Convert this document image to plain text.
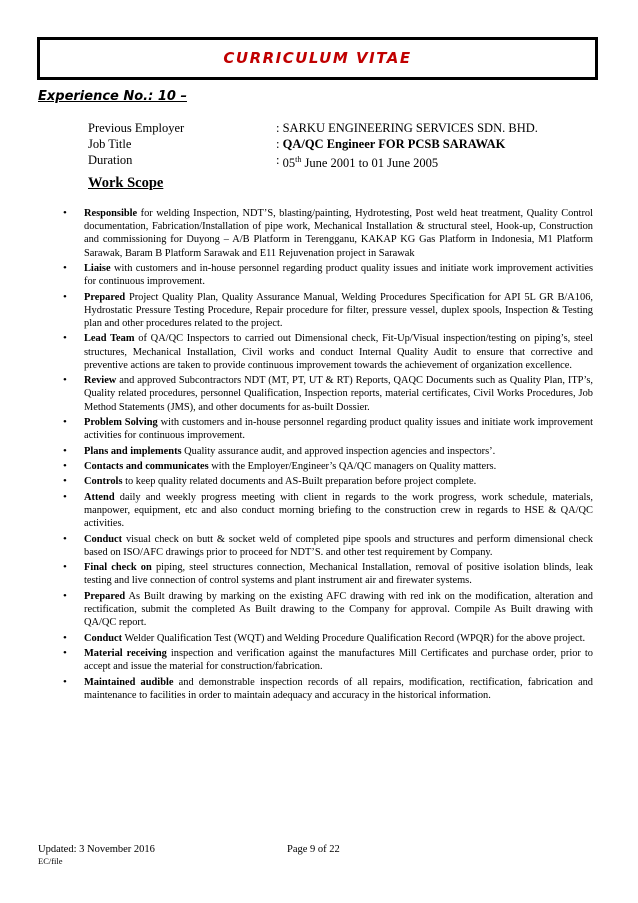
CURRICULUM VITAE
Experience No.: 10 –
Previous Employer	: SARKU ENGINEERING SERVICES SDN. BHD.
Job Title	: QA/QC Engineer FOR PCSB SARAWAK
Duration	: 05th June 2001 to 01 June 2005
Work Scope
• Responsible for welding Inspection, NDT’S, blasting/painting, Hydrotesting, Post weld heat treatment, Quality Control documentation, Fabrication/Installation of pipe work, Mechanical Installation & structural steel, Hook-up, Construction and commissioning for Duyong – A/B Platform in Terengganu, KAKAP KG Gas Platform in Indonesia, M1 Platform Sarawak, Baram B Platform Sarawak and E11 Rejuvenation project in Sarawak
• Liaise with customers and in-house personnel regarding product quality issues and initiate work improvement activities for continuous improvement.
• Prepared Project Quality Plan, Quality Assurance Manual, Welding Procedures Specification for API 5L GR B/A106, Hydrostatic Pressure Testing Procedure, Repair procedure for filter, pressure vessel, duplex spools, Inspection & Testing plan and other procedures related to the project.
• Lead Team of QA/QC Inspectors to carried out Dimensional check, Fit-Up/Visual inspection/testing on piping’s, steel structures, Mechanical Installation, Civil works and conduct Internal Quality Audit to ensure that corrective and preventive actions are taken to provide continuous improvement towards the achievement of organization excellence.
• Review and approved Subcontractors NDT (MT, PT, UT & RT) Reports, QAQC Documents such as Quality Plan, ITP’s, Quality related procedures, personnel Qualification, Inspection reports, material certificates, Civil Works Procedures, Job Method Statements (JMS), and other documents for as-built Dossier.
• Problem Solving with customers and in-house personnel regarding product quality issues and initiate work improvement activities for continuous improvement.
• Plans and implements Quality assurance audit, and approved inspection agencies and inspectors’.
• Contacts and communicates with the Employer/Engineer’s QA/QC managers on Quality matters.
• Controls to keep quality related documents and AS-Built preparation before project complete.
• Attend daily and weekly progress meeting with client in regards to the work progress, work schedule, materials, manpower, equipment, etc and also conduct morning briefing to the construction crew in regards to HSE & QA/QC activities.
• Conduct visual check on butt & socket weld of completed pipe spools and structures and perform dimensional check based on ISO/AFC drawings prior to proceed for NDT’S. and other test requirement by Company.
• Final check on piping, steel structures connection, Mechanical Installation, removal of positive isolation blinds, leak testing and live connection of control systems and plant instrument air and firewater systems.
• Prepared As Built drawing by marking on the existing AFC drawing with red ink on the modification, alteration and rectification, submit the completed As Built drawing to the Company for approval. Compile As Built drawing with QA/QC report.
• Conduct Welder Qualification Test (WQT) and Welding Procedure Qualification Record (WPQR) for the above project.
• Material receiving inspection and verification against the manufactures Mill Certificates and purchase order, prior to accept and issue the material for construction/fabrication.
• Maintained audible and demonstrable inspection records of all repairs, modification, rectification, fabrication and maintenance to facilities in order to maintain adequacy and accuracy in the historical information.
Updated: 3 November 2016	Page 9 of 22
EC/file
